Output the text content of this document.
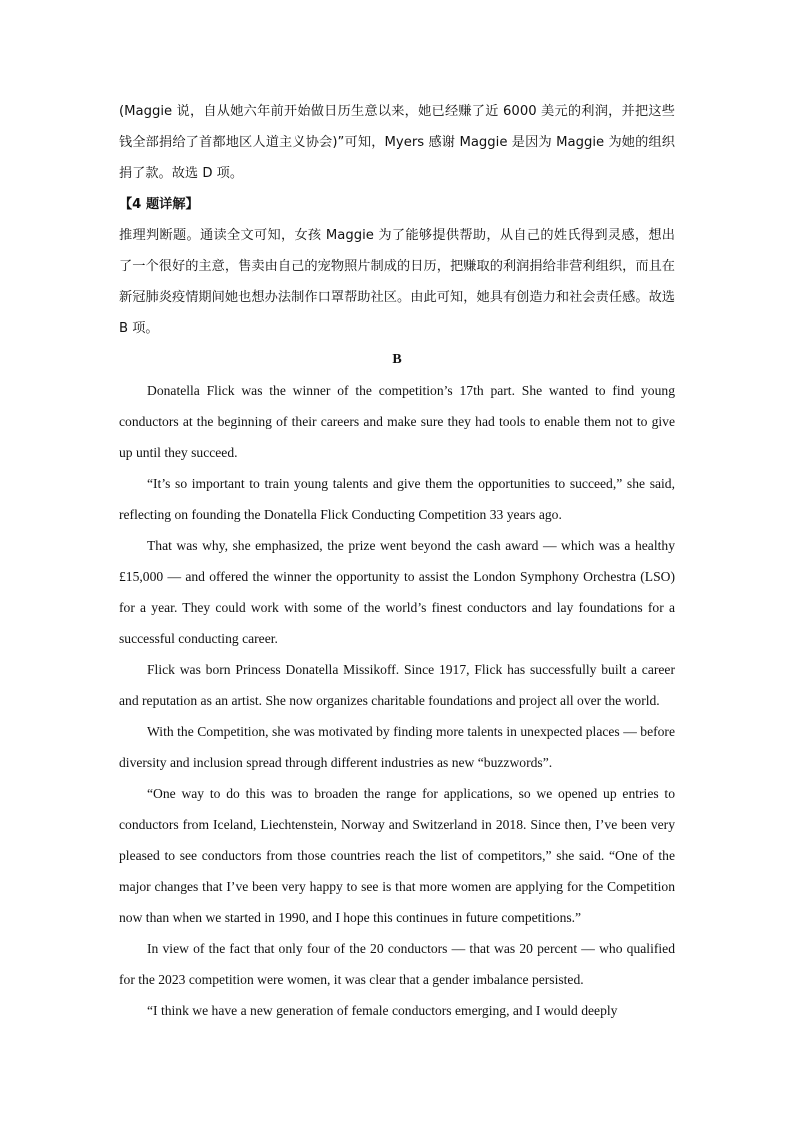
(Maggie 说，自从她六年前开始做日历生意以来，她已经赚了近 6000 美元的利润，并把这些钱全部捐给了首都地区人道主义协会)”可知，Myers 感谢 Maggie 是因为 Maggie 为她的组织捐了款。故选 D 项。

【4 题详解】

推理判断题。通读全文可知，女孩 Maggie 为了能够提供帮助，从自己的姓氏得到灵感，想出了一个很好的主意，售卖由自己的宠物照片制成的日历，把赚取的利润捐给非营利组织，而且在新冠肺炎疫情期间她也想办法制作口罩帮助社区。由此可知，她具有创造力和社会责任感。故选 B 项。

B

Donatella Flick was the winner of the competition’s 17th part. She wanted to find young conductors at the beginning of their careers and make sure they had tools to enable them not to give up until they succeed.

“It’s so important to train young talents and give them the opportunities to succeed,” she said, reflecting on founding the Donatella Flick Conducting Competition 33 years ago.

That was why, she emphasized, the prize went beyond the cash award — which was a healthy £15,000 — and offered the winner the opportunity to assist the London Symphony Orchestra (LSO) for a year. They could work with some of the world’s finest conductors and lay foundations for a successful conducting career.

Flick was born Princess Donatella Missikoff. Since 1917, Flick has successfully built a career and reputation as an artist. She now organizes charitable foundations and project all over the world.

With the Competition, she was motivated by finding more talents in unexpected places — before diversity and inclusion spread through different industries as new “buzzwords”.

“One way to do this was to broaden the range for applications, so we opened up entries to conductors from Iceland, Liechtenstein, Norway and Switzerland in 2018. Since then, I’ve been very pleased to see conductors from those countries reach the list of competitors,” she said. “One of the major changes that I’ve been very happy to see is that more women are applying for the Competition now than when we started in 1990, and I hope this continues in future competitions.”

In view of the fact that only four of the 20 conductors — that was 20 percent — who qualified for the 2023 competition were women, it was clear that a gender imbalance persisted.

“I think we have a new generation of female conductors emerging, and I would deeply
